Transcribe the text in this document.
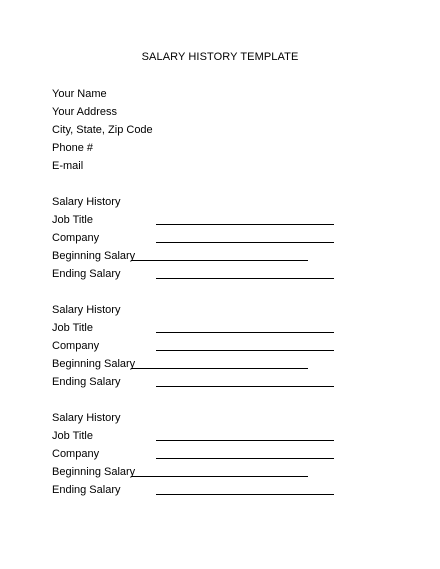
SALARY HISTORY TEMPLATE
Your Name
Your Address
City, State, Zip Code
Phone #
E-mail
Salary History
Job Title
Company
Beginning Salary
Ending Salary
Salary History
Job Title
Company
Beginning Salary
Ending Salary
Salary History
Job Title
Company
Beginning Salary
Ending Salary
